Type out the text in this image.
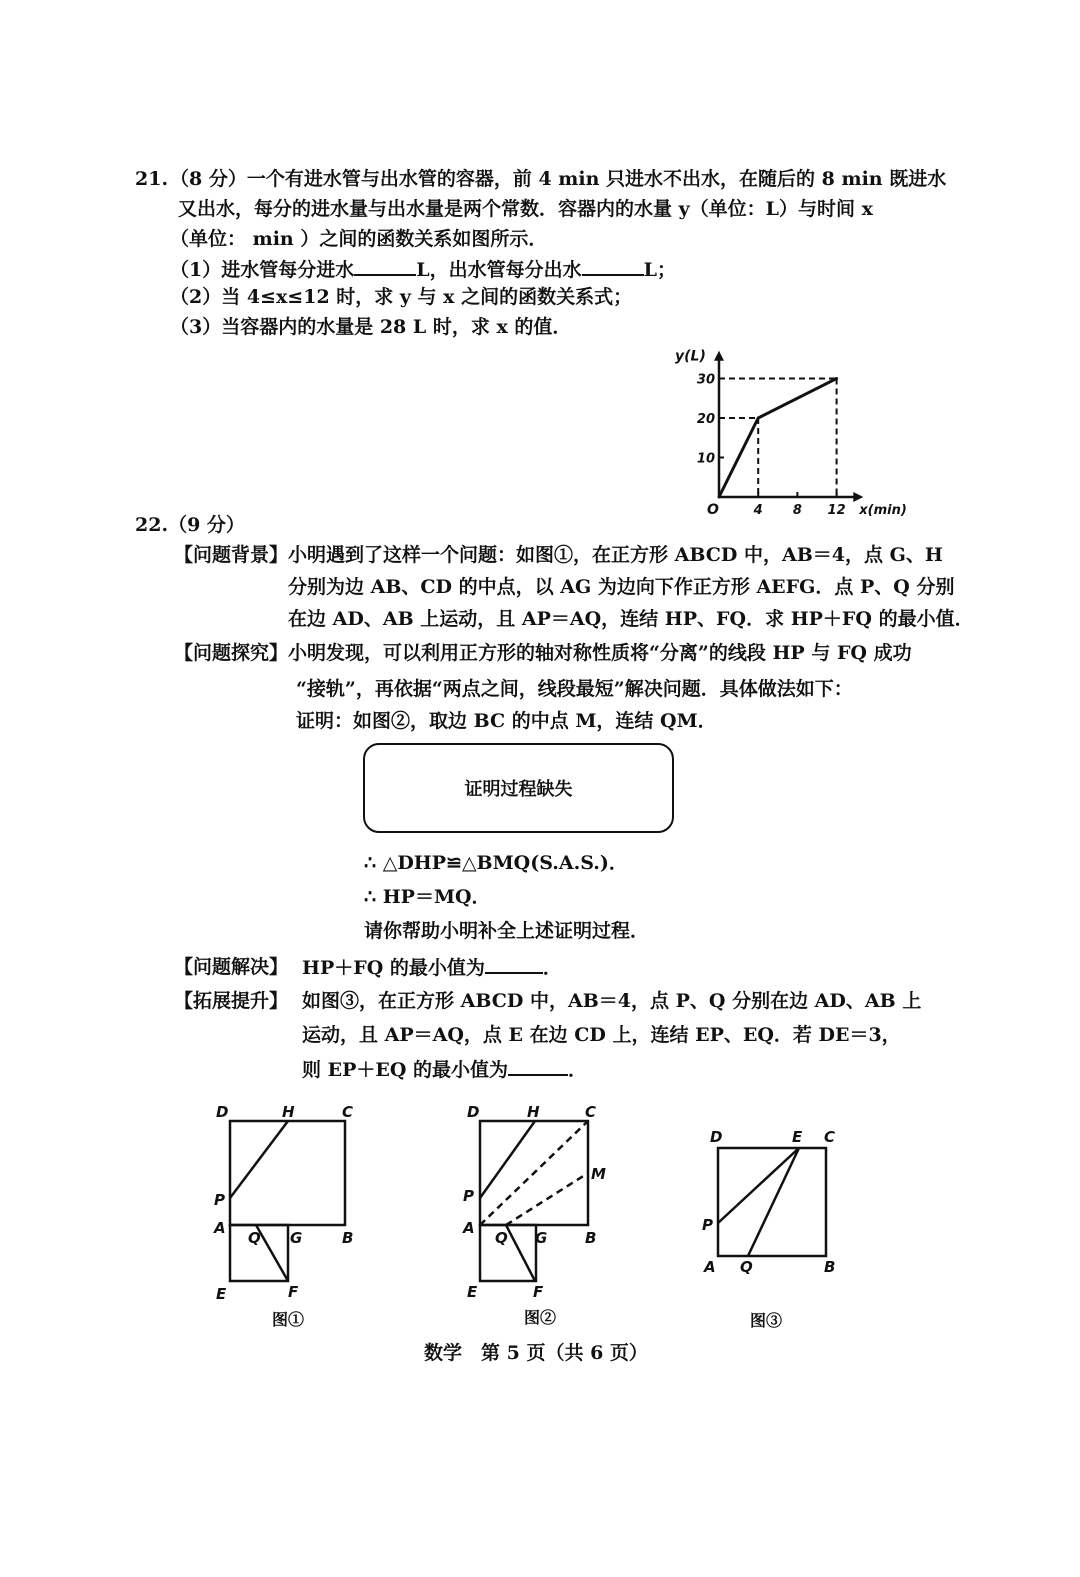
21. （8 分）一个有进水管与出水管的容器，前 4 min 只进水不出水，在随后的 8 min 既进水
又出水，每分的进水量与出水量是两个常数．容器内的水量 y（单位：L）与时间 x
（单位： min ）之间的函数关系如图所示．
（1）进水管每分进水	L，出水管每分出水	L；
（2）当 4≤x≤12 时，求 y 与 x 之间的函数关系式；
（3）当容器内的水量是 28 L 时，求 x 的值．
4 8 12
10
20
30
O
y(L)
x(min)
22.（9 分）
【问题背景】 小明遇到了这样一个问题：如图①，在正方形 ABCD 中，AB＝4，点 G、H
分别为边 AB、CD 的中点，以 AG 为边向下作正方形 AEFG．点 P、Q 分别
在边 AD、AB 上运动，且 AP＝AQ，连结 HP、FQ．求 HP＋FQ 的最小值．
【问题探究】 小明发现，可以利用正方形的轴对称性质将“分离”的线段 HP 与 FQ 成功
“接轨”，再依据“两点之间，线段最短”解决问题．具体做法如下：
证明：如图②，取边 BC 的中点 M，连结 QM．
证明过程缺失
∴ △DHP≌△BMQ(S.A.S.)．
∴ HP＝MQ．
请你帮助小明补全上述证明过程．
【问题解决】 HP＋FQ 的最小值为	．
【拓展提升】 如图③，在正方形 ABCD 中，AB＝4，点 P、Q 分别在边 AD、AB 上
运动，且 AP＝AQ，点 E 在边 CD 上，连结 EP、EQ．若 DE＝3，
则 EP＋EQ 的最小值为	．
D	H	C
P
A
Q G	B
E	F
图①
D	H	C
M
P
A
Q G	B
E	F
图②
D	E C
P
A Q	B
图③
数学　第 5 页（共 6 页）
